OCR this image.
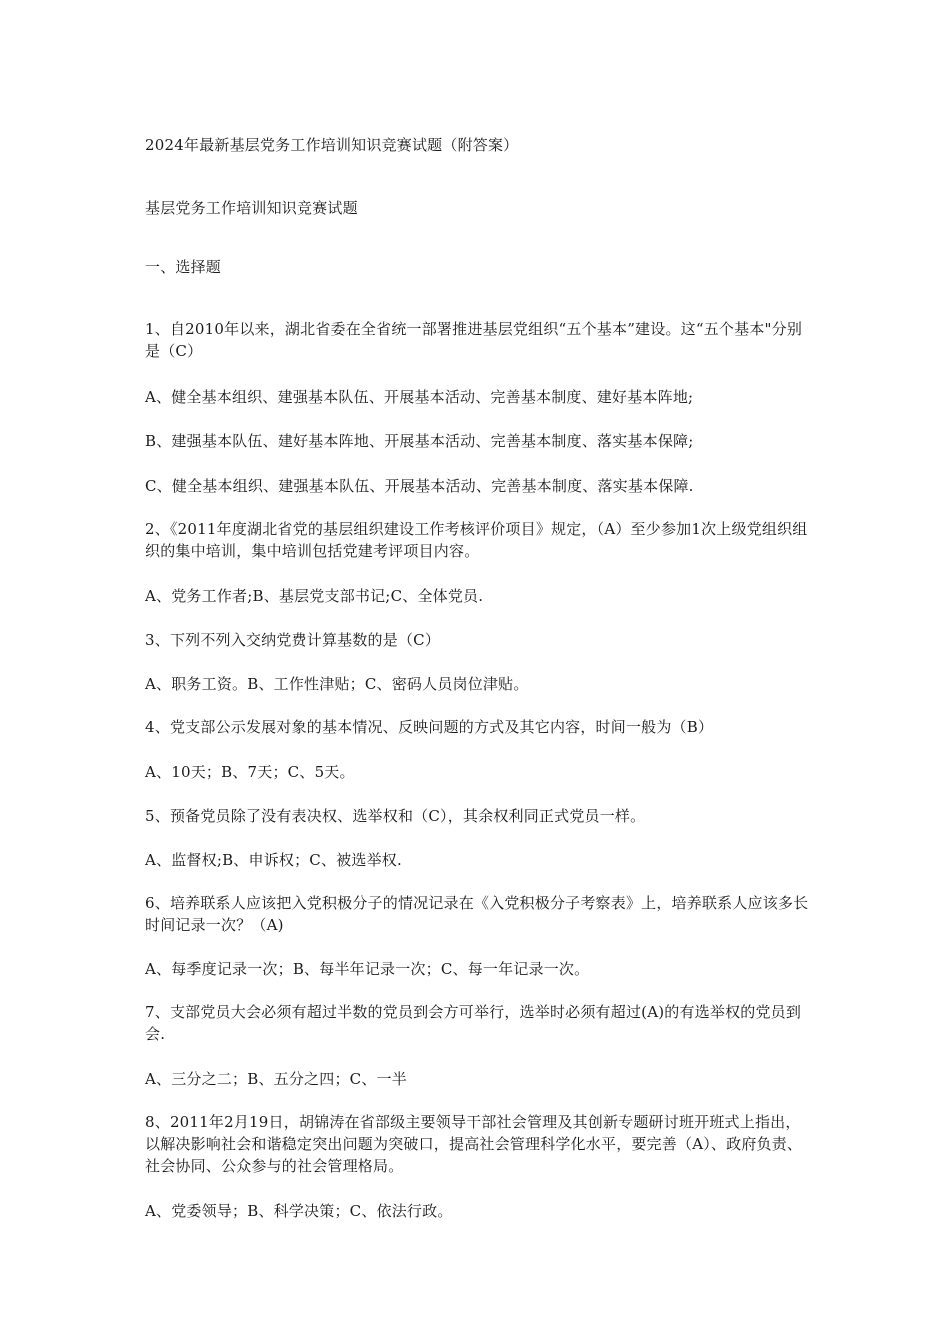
2024年最新基层党务工作培训知识竞赛试题（附答案）
基层党务工作培训知识竞赛试题
一、选择题
1、自2010年以来，湖北省委在全省统一部署推进基层党组织“五个基本”建设。这“五个基本"分别是（C）
A、健全基本组织、建强基本队伍、开展基本活动、完善基本制度、建好基本阵地;
B、建强基本队伍、建好基本阵地、开展基本活动、完善基本制度、落实基本保障;
C、健全基本组织、建强基本队伍、开展基本活动、完善基本制度、落实基本保障.
2、《2011年度湖北省党的基层组织建设工作考核评价项目》规定，（A）至少参加1次上级党组织组织的集中培训，集中培训包括党建考评项目内容。
A、党务工作者;B、基层党支部书记;C、全体党员.
3、下列不列入交纳党费计算基数的是（C）
A、职务工资。B、工作性津贴；C、密码人员岗位津贴。
4、党支部公示发展对象的基本情况、反映问题的方式及其它内容，时间一般为（B）
A、10天；B、7天；C、5天。
5、预备党员除了没有表决权、选举权和（C），其余权利同正式党员一样。
A、监督权;B、申诉权；C、被选举权.
6、培养联系人应该把入党积极分子的情况记录在《入党积极分子考察表》上，培养联系人应该多长时间记录一次？（A)
A、每季度记录一次；B、每半年记录一次；C、每一年记录一次。
7、支部党员大会必须有超过半数的党员到会方可举行，选举时必须有超过(A)的有选举权的党员到会.
A、三分之二；B、五分之四；C、一半
8、2011年2月19日，胡锦涛在省部级主要领导干部社会管理及其创新专题研讨班开班式上指出，以解决影响社会和谐稳定突出问题为突破口，提高社会管理科学化水平，要完善（A）、政府负责、社会协同、公众参与的社会管理格局。
A、党委领导；B、科学决策；C、依法行政。
